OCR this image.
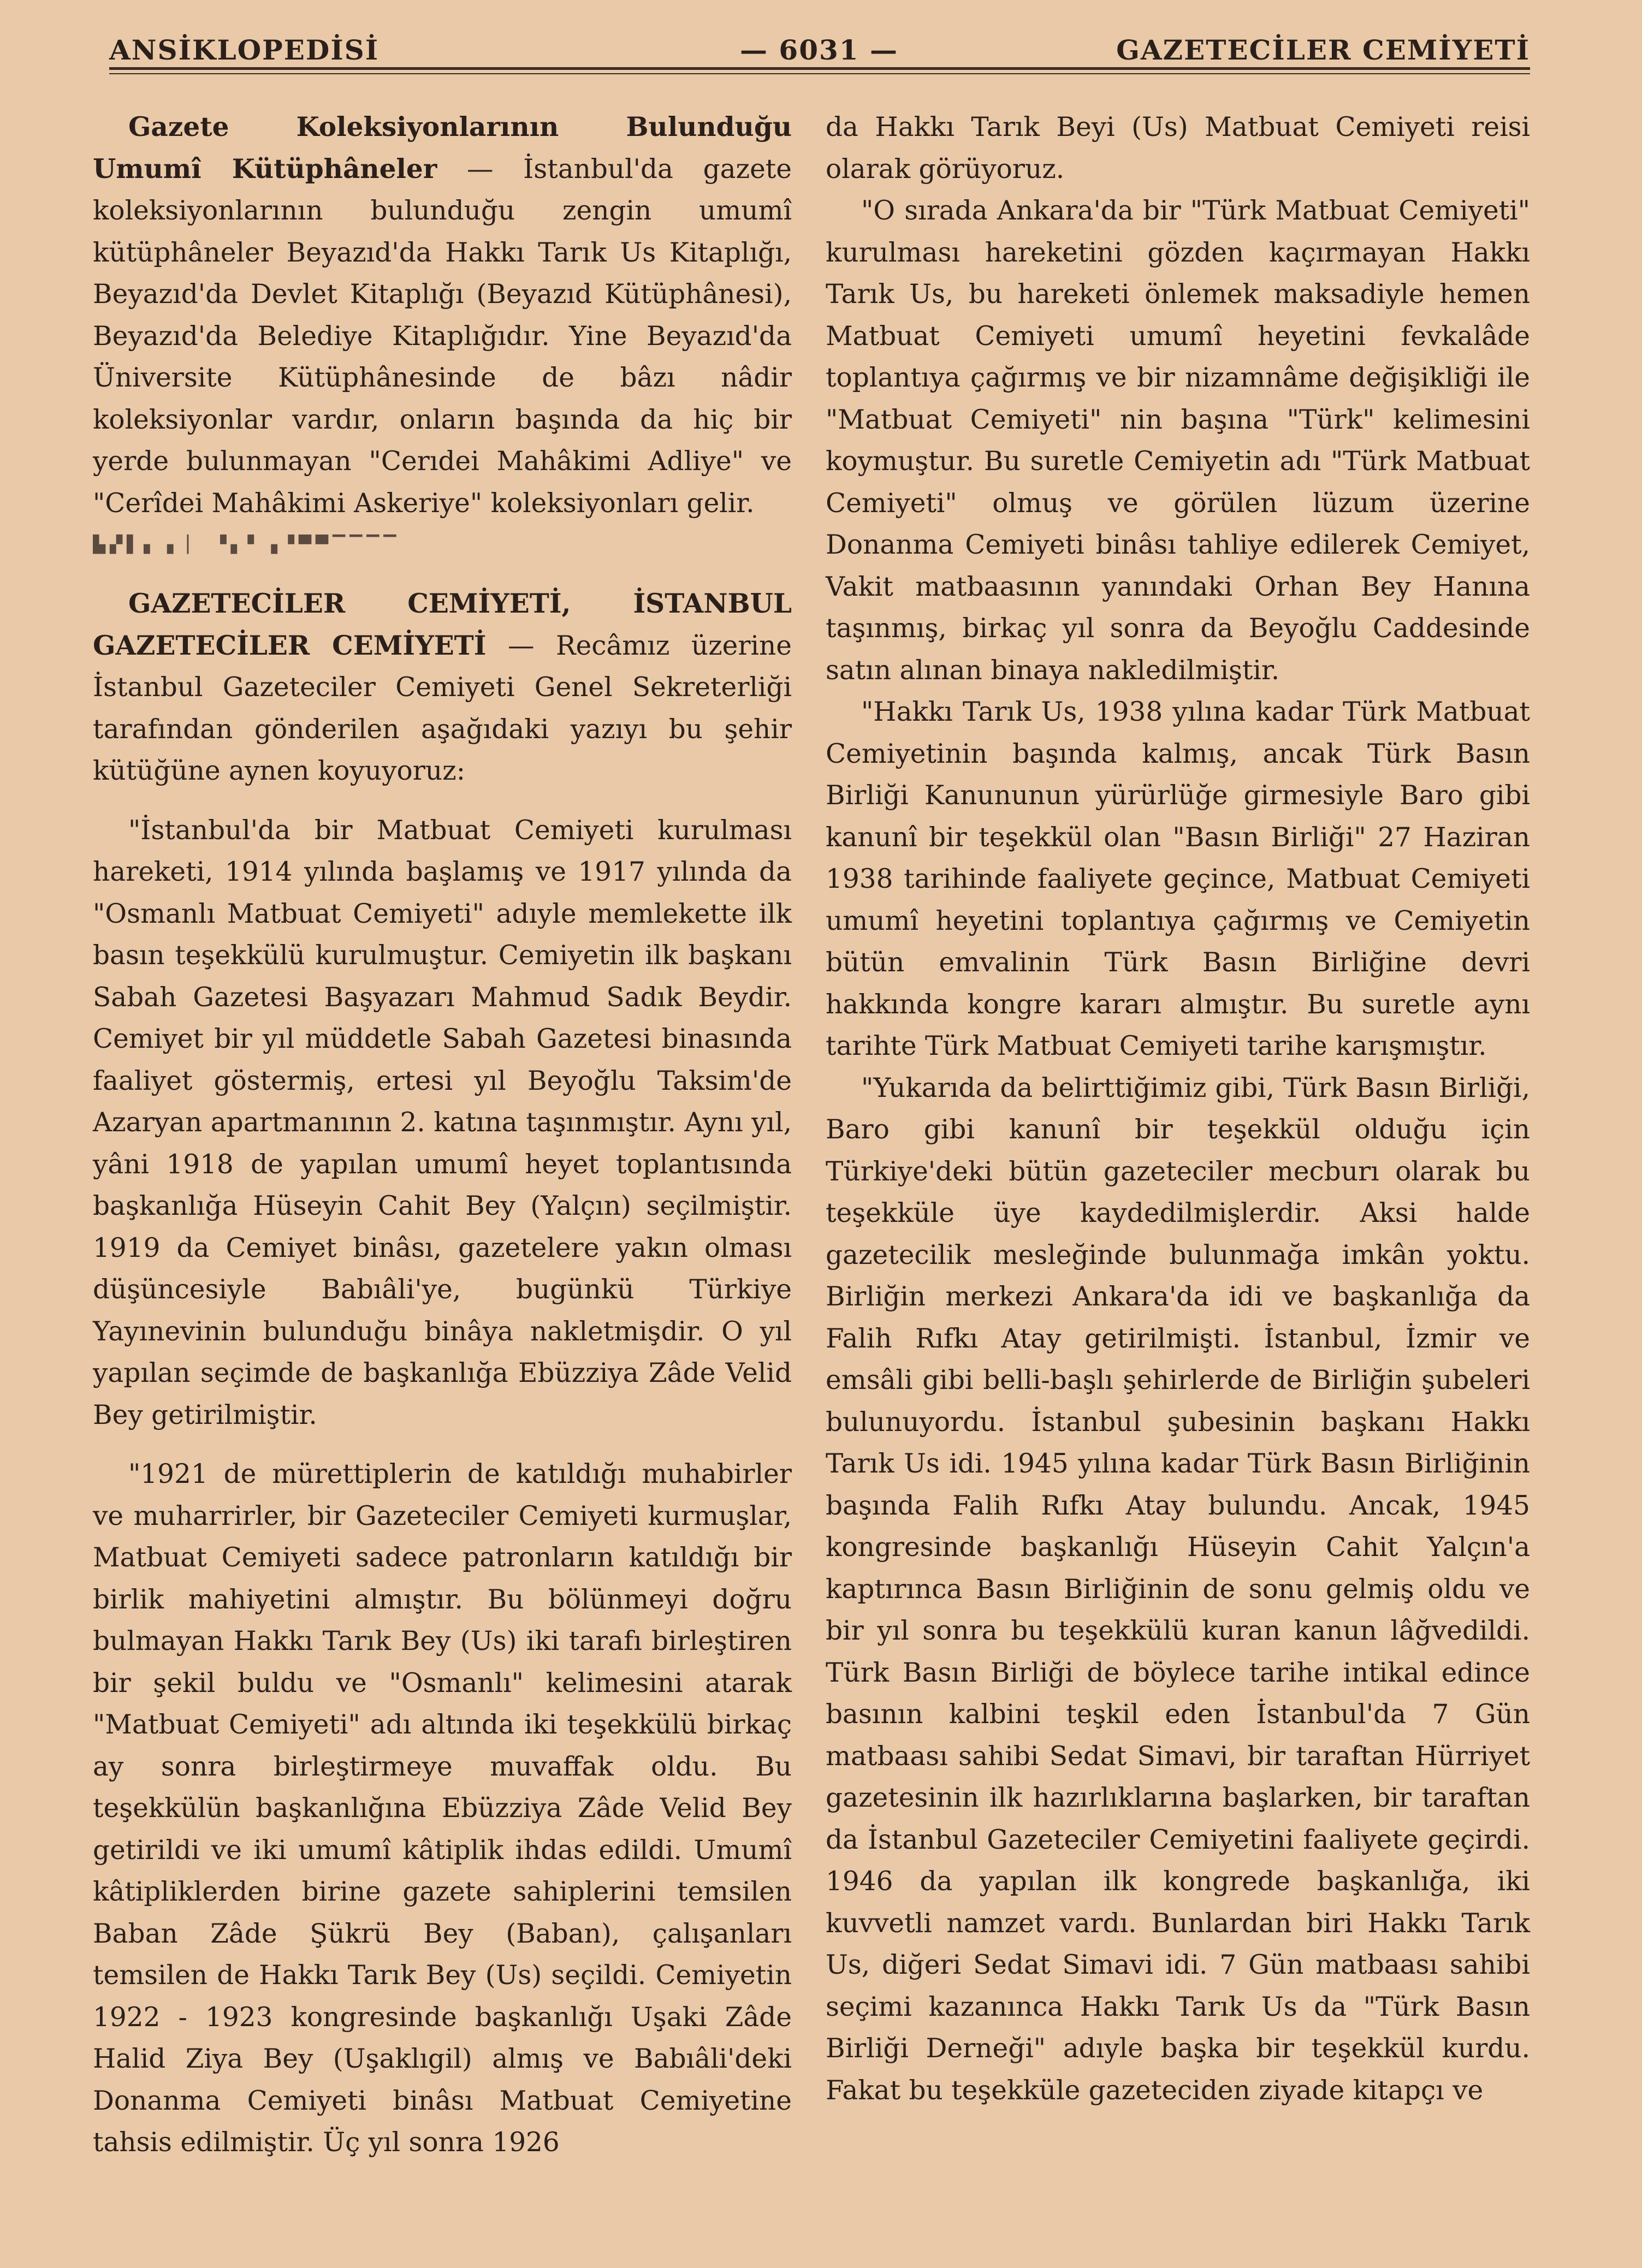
ANSİKLOPEDİSİ	— 6031 —	GAZETECİLER CEMİYETİ

Gazete Koleksiyonlarının Bulunduğu Umumî Kütüphâneler — İstanbul'da gazete koleksiyonlarının bulunduğu zengin umumî kütüphâneler Beyazıd'da Hakkı Tarık Us Kitaplığı, Beyazıd'da Devlet Kitaplığı (Beyazıd Kütüphânesi), Beyazıd'da Belediye Kitaplığıdır. Yine Beyazıd'da Üniversite Kütüphânesinde de bâzı nâdir koleksiyonlar vardır, onların başında da hiç bir yerde bulunmayan "Cerıdei Mahâkimi Adliye" ve "Cerîdei Mahâkimi Askeriye" koleksiyonları gelir.

▙▞▌▖▗ ▏ ▝▖▘▗▝▀▀▔▔▔▔

GAZETECİLER CEMİYETİ, İSTANBUL GAZETECİLER CEMİYETİ — Recâmız üzerine İstanbul Gazeteciler Cemiyeti Genel Sekreterliği tarafından gönderilen aşağıdaki yazıyı bu şehir kütüğüne aynen koyuyoruz:

"İstanbul'da bir Matbuat Cemiyeti kurulması hareketi, 1914 yılında başlamış ve 1917 yılında da "Osmanlı Matbuat Cemiyeti" adıyle memlekette ilk basın teşekkülü kurulmuştur. Cemiyetin ilk başkanı Sabah Gazetesi Başyazarı Mahmud Sadık Beydir. Cemiyet bir yıl müddetle Sabah Gazetesi binasında faaliyet göstermiş, ertesi yıl Beyoğlu Taksim'de Azaryan apartmanının 2. katına taşınmıştır. Aynı yıl, yâni 1918 de yapılan umumî heyet toplantısında başkanlığa Hüseyin Cahit Bey (Yalçın) seçilmiştir. 1919 da Cemiyet binâsı, gazetelere yakın olması düşüncesiyle Babıâli'ye, bugünkü Türkiye Yayınevinin bulunduğu binâya nakletmişdir. O yıl yapılan seçimde de başkanlığa Ebüzziya Zâde Velid Bey getirilmiştir.

"1921 de mürettiplerin de katıldığı muhabirler ve muharrirler, bir Gazeteciler Cemiyeti kurmuşlar, Matbuat Cemiyeti sadece patronların katıldığı bir birlik mahiyetini almıştır. Bu bölünmeyi doğru bulmayan Hakkı Tarık Bey (Us) iki tarafı birleştiren bir şekil buldu ve "Osmanlı" kelimesini atarak "Matbuat Cemiyeti" adı altında iki teşekkülü birkaç ay sonra birleştirmeye muvaffak oldu. Bu teşekkülün başkanlığına Ebüzziya Zâde Velid Bey getirildi ve iki umumî kâtiplik ihdas edildi. Umumî kâtipliklerden birine gazete sahiplerini temsilen Baban Zâde Şükrü Bey (Baban), çalışanları temsilen de Hakkı Tarık Bey (Us) seçildi. Cemiyetin 1922 - 1923 kongresinde başkanlığı Uşaki Zâde Halid Ziya Bey (Uşaklıgil) almış ve Babıâli'deki Donanma Cemiyeti binâsı Matbuat Cemiyetine tahsis edilmiştir. Üç yıl sonra 1926

da Hakkı Tarık Beyi (Us) Matbuat Cemiyeti reisi olarak görüyoruz.

"O sırada Ankara'da bir "Türk Matbuat Cemiyeti" kurulması hareketini gözden kaçırmayan Hakkı Tarık Us, bu hareketi önlemek maksadiyle hemen Matbuat Cemiyeti umumî heyetini fevkalâde toplantıya çağırmış ve bir nizamnâme değişikliği ile "Matbuat Cemiyeti" nin başına "Türk" kelimesini koymuştur. Bu suretle Cemiyetin adı "Türk Matbuat Cemiyeti" olmuş ve görülen lüzum üzerine Donanma Cemiyeti binâsı tahliye edilerek Cemiyet, Vakit matbaasının yanındaki Orhan Bey Hanına taşınmış, birkaç yıl sonra da Beyoğlu Caddesinde satın alınan binaya nakledilmiştir.

"Hakkı Tarık Us, 1938 yılına kadar Türk Matbuat Cemiyetinin başında kalmış, ancak Türk Basın Birliği Kanununun yürürlüğe girmesiyle Baro gibi kanunî bir teşekkül olan "Basın Birliği" 27 Haziran 1938 tarihinde faaliyete geçince, Matbuat Cemiyeti umumî heyetini toplantıya çağırmış ve Cemiyetin bütün emvalinin Türk Basın Birliğine devri hakkında kongre kararı almıştır. Bu suretle aynı tarihte Türk Matbuat Cemiyeti tarihe karışmıştır.

"Yukarıda da belirttiğimiz gibi, Türk Basın Birliği, Baro gibi kanunî bir teşekkül olduğu için Türkiye'deki bütün gazeteciler mecburı olarak bu teşekküle üye kaydedilmişlerdir. Aksi halde gazetecilik mesleğinde bulunmağa imkân yoktu. Birliğin merkezi Ankara'da idi ve başkanlığa da Falih Rıfkı Atay getirilmişti. İstanbul, İzmir ve emsâli gibi belli-başlı şehirlerde de Birliğin şubeleri bulunuyordu. İstanbul şubesinin başkanı Hakkı Tarık Us idi. 1945 yılına kadar Türk Basın Birliğinin başında Falih Rıfkı Atay bulundu. Ancak, 1945 kongresinde başkanlığı Hüseyin Cahit Yalçın'a kaptırınca Basın Birliğinin de sonu gelmiş oldu ve bir yıl sonra bu teşekkülü kuran kanun lâğvedildi. Türk Basın Birliği de böylece tarihe intikal edince basının kalbini teşkil eden İstanbul'da 7 Gün matbaası sahibi Sedat Simavi, bir taraftan Hürriyet gazetesinin ilk hazırlıklarına başlarken, bir taraftan da İstanbul Gazeteciler Cemiyetini faaliyete geçirdi. 1946 da yapılan ilk kongrede başkanlığa, iki kuvvetli namzet vardı. Bunlardan biri Hakkı Tarık Us, diğeri Sedat Simavi idi. 7 Gün matbaası sahibi seçimi kazanınca Hakkı Tarık Us da "Türk Basın Birliği Derneği" adıyle başka bir teşekkül kurdu. Fakat bu teşekküle gazeteciden ziyade kitapçı ve
